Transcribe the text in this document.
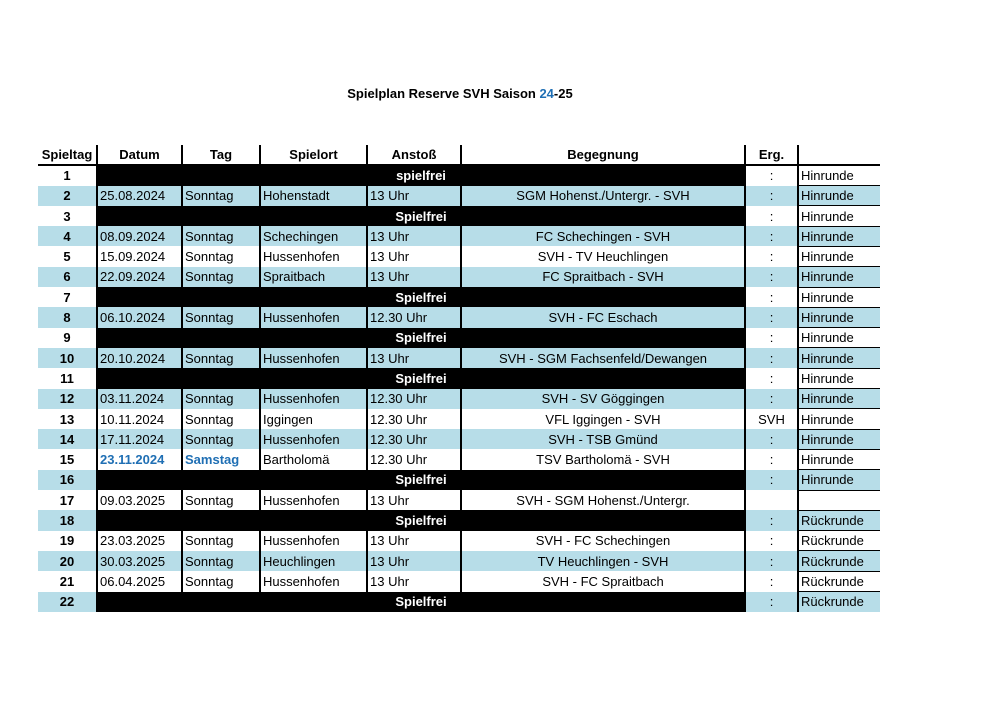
Spielplan Reserve SVH Saison 24-25
Spieltag	Datum	Tag	Spielort	Anstoß	Begegnung	Erg.	
1	spielfrei					:	Hinrunde
2	25.08.2024	Sonntag	Hohenstadt	13 Uhr	SGM Hohenst./Untergr. - SVH	:	Hinrunde
3	Spielfrei					:	Hinrunde
4	08.09.2024	Sonntag	Schechingen	13 Uhr	FC Schechingen - SVH	:	Hinrunde
5	15.09.2024	Sonntag	Hussenhofen	13 Uhr	SVH - TV Heuchlingen	:	Hinrunde
6	22.09.2024	Sonntag	Spraitbach	13 Uhr	FC Spraitbach - SVH	:	Hinrunde
7	Spielfrei					:	Hinrunde
8	06.10.2024	Sonntag	Hussenhofen	12.30 Uhr	SVH - FC Eschach	:	Hinrunde
9	Spielfrei					:	Hinrunde
10	20.10.2024	Sonntag	Hussenhofen	13 Uhr	SVH - SGM Fachsenfeld/Dewangen	:	Hinrunde
11	Spielfrei					:	Hinrunde
12	03.11.2024	Sonntag	Hussenhofen	12.30 Uhr	SVH - SV Göggingen	:	Hinrunde
13	10.11.2024	Sonntag	Iggingen	12.30 Uhr	VFL Iggingen - SVH	SVH	Hinrunde
14	17.11.2024	Sonntag	Hussenhofen	12.30 Uhr	SVH - TSB Gmünd	:	Hinrunde
15	23.11.2024	Samstag	Bartholomä	12.30 Uhr	TSV Bartholomä - SVH	:	Hinrunde
16	Spielfrei					:	Hinrunde
17	09.03.2025	Sonntag	Hussenhofen	13 Uhr	SVH - SGM Hohenst./Untergr.		
18	Spielfrei					:	Rückrunde
19	23.03.2025	Sonntag	Hussenhofen	13 Uhr	SVH - FC Schechingen	:	Rückrunde
20	30.03.2025	Sonntag	Heuchlingen	13 Uhr	TV Heuchlingen - SVH	:	Rückrunde
21	06.04.2025	Sonntag	Hussenhofen	13 Uhr	SVH - FC Spraitbach	:	Rückrunde
22	Spielfrei					:	Rückrunde
